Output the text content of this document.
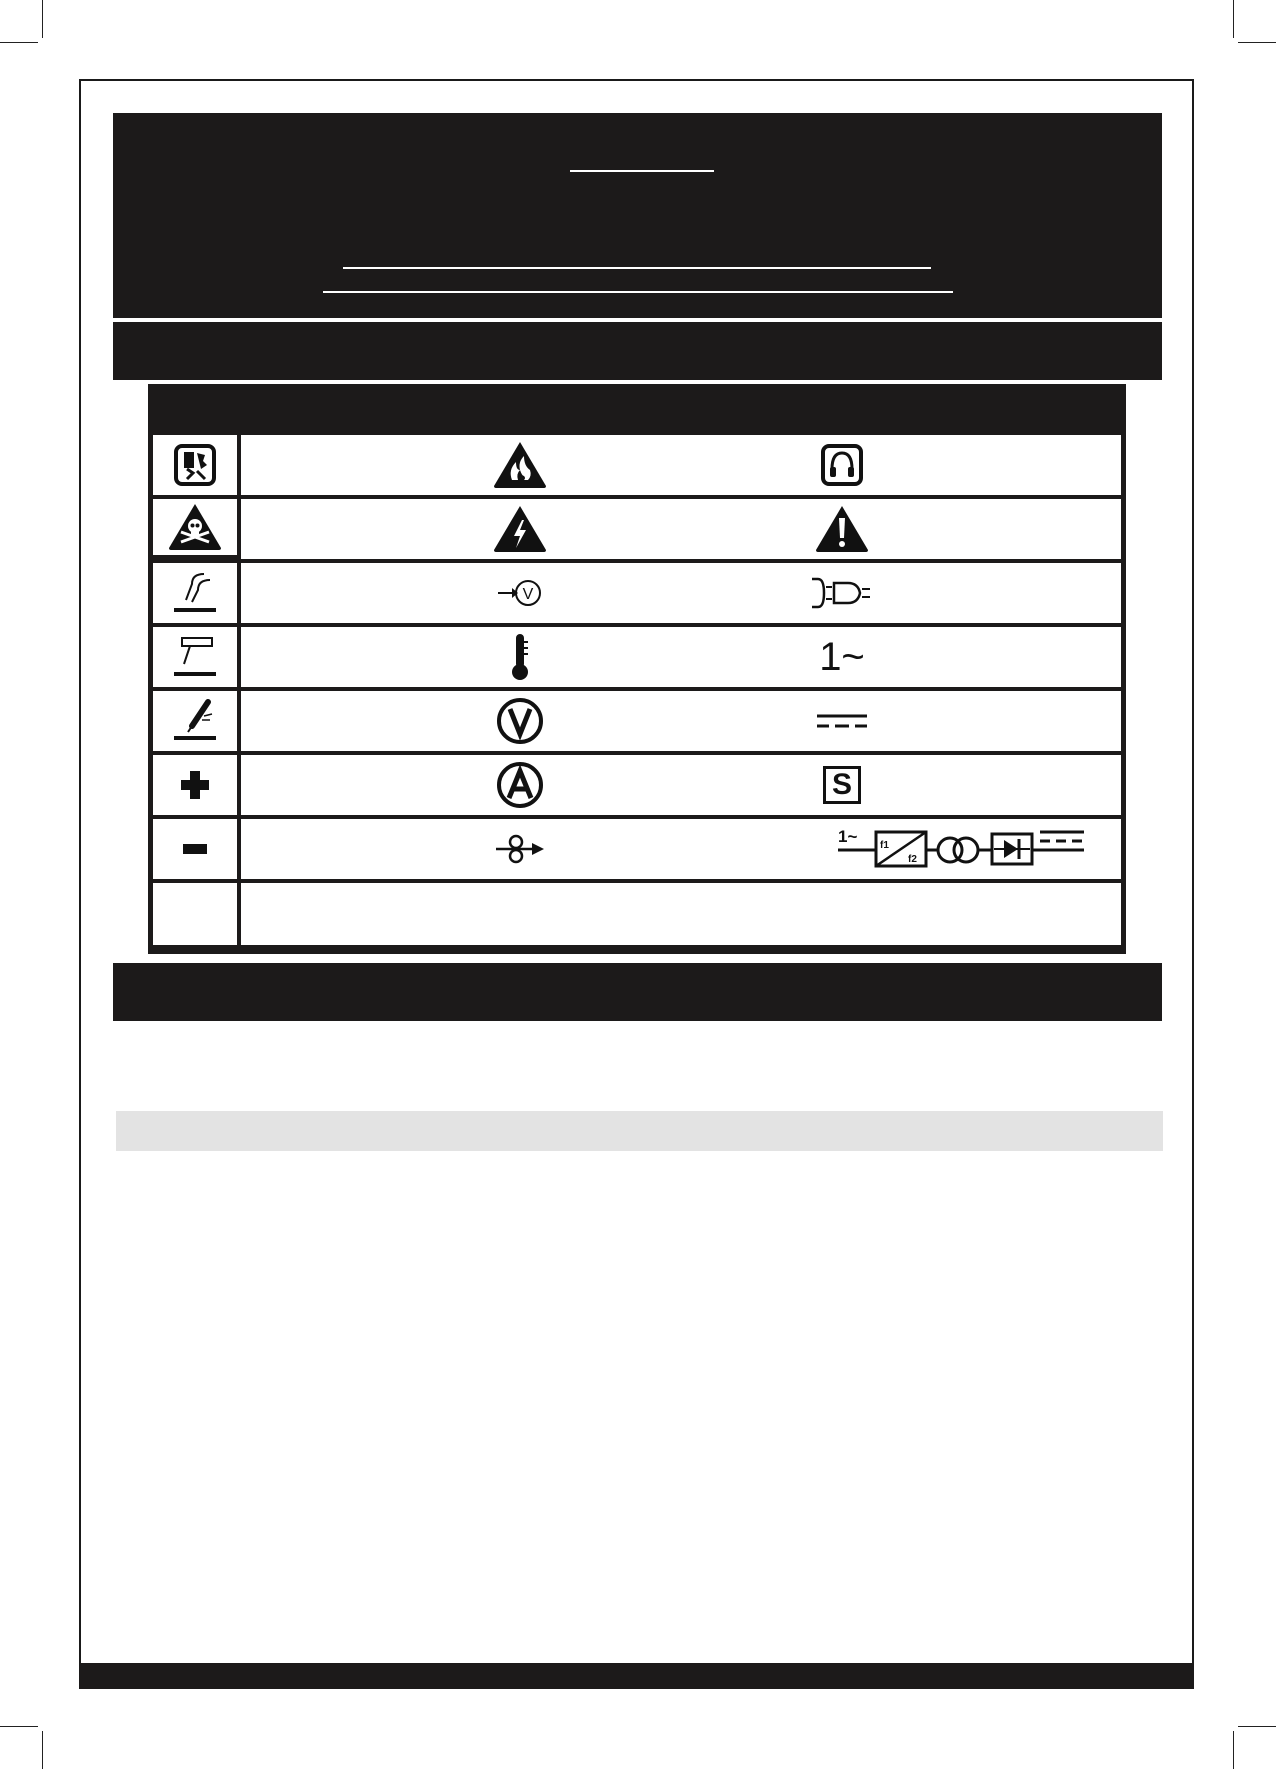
V
1~
S
1~ f1
f2
